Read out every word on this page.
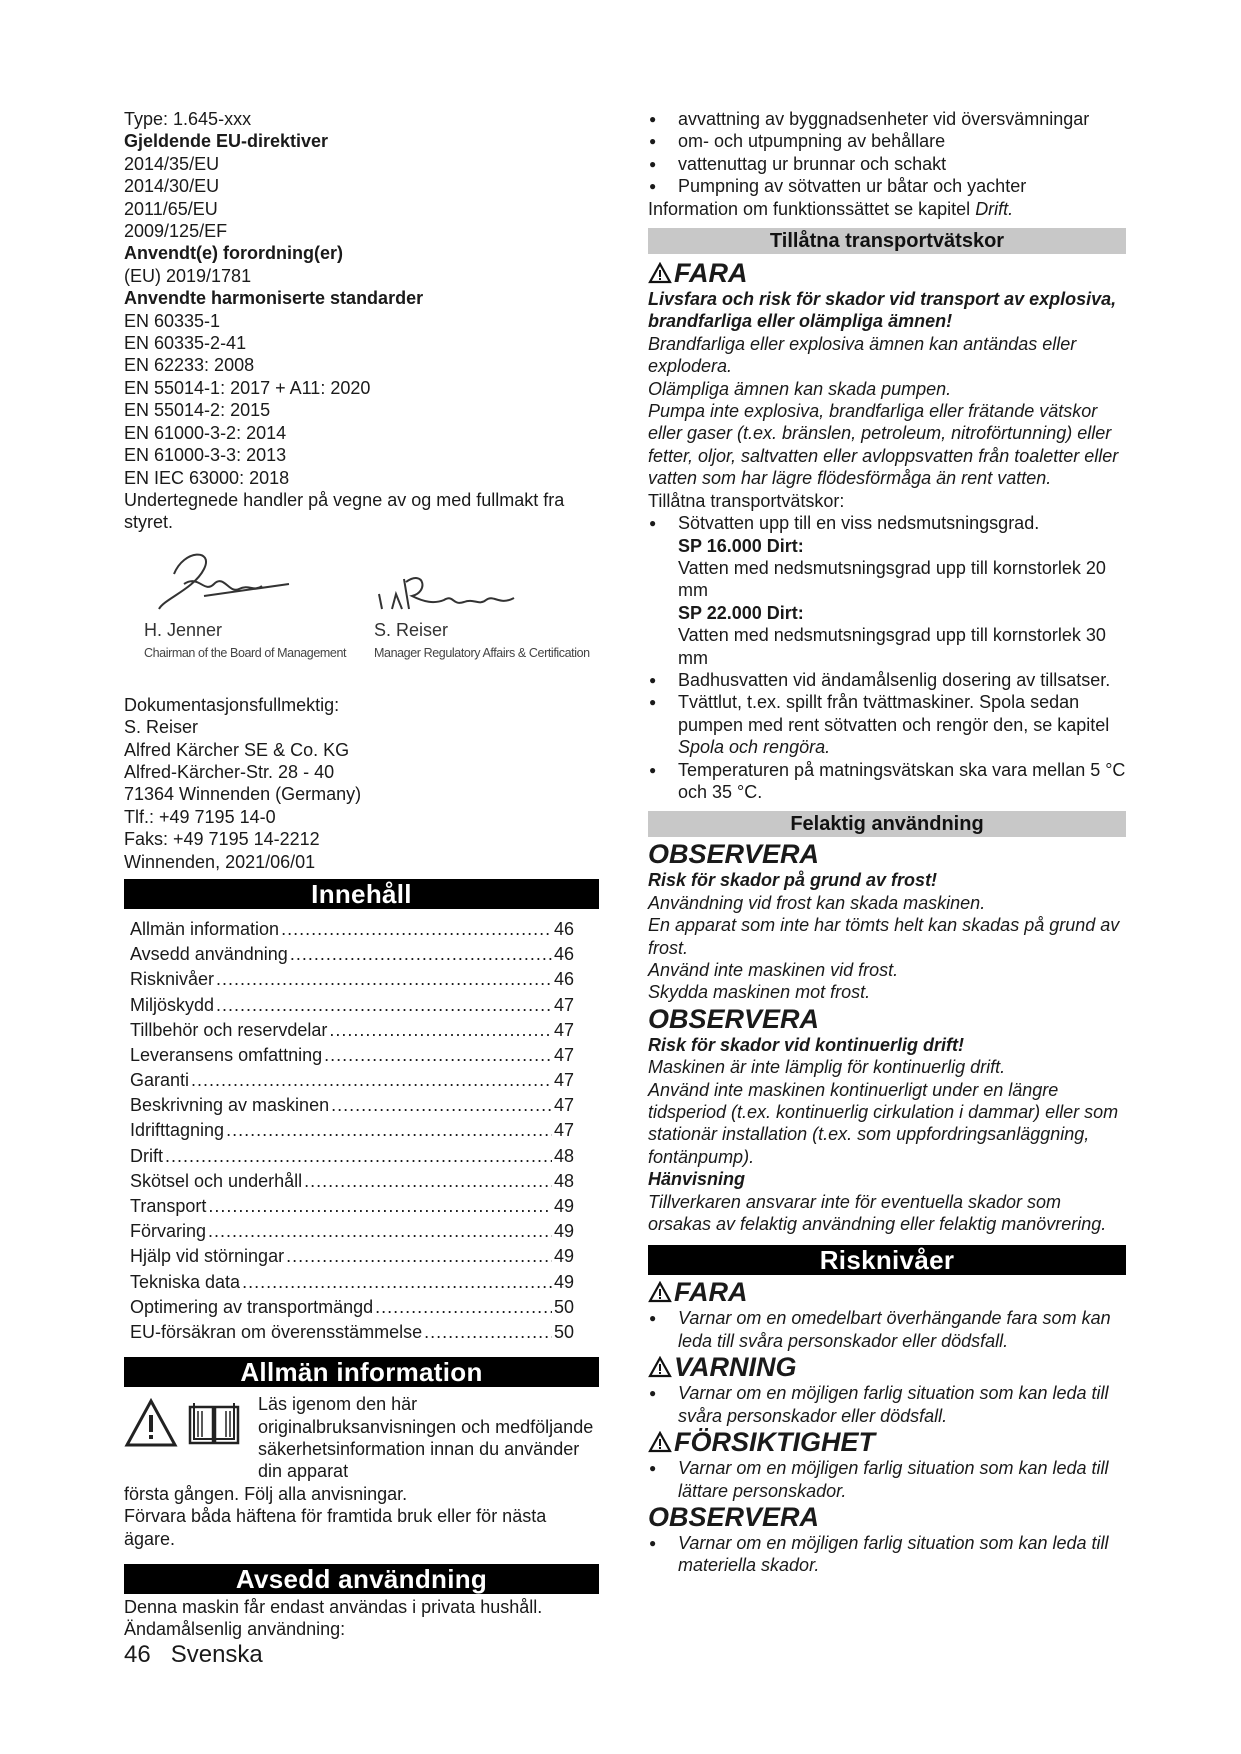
Type: 1.645-xxx

Gjeldende EU-direktiver

2014/35/EU

2014/30/EU

2011/65/EU

2009/125/EF

Anvendt(e) forordning(er)

(EU) 2019/1781

Anvendte harmoniserte standarder

EN 60335-1

EN 60335-2-41

EN 62233: 2008

EN 55014-1: 2017 + A11: 2020

EN 55014-2: 2015

EN 61000-3-2: 2014

EN 61000-3-3: 2013

EN IEC 63000: 2018

Undertegnede handler på vegne av og med fullmakt fra styret.

H. Jenner
Chairman of the Board of Management
S. Reiser
Manager Regulatory Affairs & Certification

Dokumentasjonsfullmektig:

S. Reiser

Alfred Kärcher SE & Co. KG

Alfred-Kärcher-Str. 28 - 40

71364 Winnenden (Germany)

Tlf.: +49 7195 14-0

Faks: +49 7195 14-2212

Winnenden, 2021/06/01

Innehåll
Allmän information .....	46
Avsedd användning .....	46
Risknivåer .....	46
Miljöskydd .....	47
Tillbehör och reservdelar .....	47
Leveransens omfattning .....	47
Garanti .....	47
Beskrivning av maskinen .....	47
Idrifttagning .....	47
Drift .....	48
Skötsel och underhåll .....	48
Transport .....	49
Förvaring .....	49
Hjälp vid störningar .....	49
Tekniska data .....	49
Optimering av transportmängd .....	50
EU-försäkran om överensstämmelse .....	50
Allmän information

Läs igenom den här originalbruksanvisningen och medföljande säkerhetsinformation innan du använder din apparat

första gången. Följ alla anvisningar.

Förvara båda häftena för framtida bruk eller för nästa ägare.

Avsedd användning

Denna maskin får endast användas i privata hushåll.

Ändamålsenlig användning:

● avvattning av byggnadsenheter vid översvämningar
● om- och utpumpning av behållare
● vattenuttag ur brunnar och schakt
● Pumpning av sötvatten ur båtar och yachter

Information om funktionssättet se kapitel Drift.

Tillåtna transportvätskor
FARA

Livsfara och risk för skador vid transport av explosiva, brandfarliga eller olämpliga ämnen!

Brandfarliga eller explosiva ämnen kan antändas eller explodera.

Olämpliga ämnen kan skada pumpen.

Pumpa inte explosiva, brandfarliga eller frätande vätskor eller gaser (t.ex. bränslen, petroleum, nitroförtunning) eller fetter, oljor, saltvatten eller avloppsvatten från toaletter eller vatten som har lägre flödesförmåga än rent vatten.

Tillåtna transportvätskor:

● Sötvatten upp till en viss nedsmutsningsgrad.
SP 16.000 Dirt:
Vatten med nedsmutsningsgrad upp till kornstorlek 20 mm
SP 22.000 Dirt:
Vatten med nedsmutsningsgrad upp till kornstorlek 30 mm
● Badhusvatten vid ändamålsenlig dosering av tillsatser.
● Tvättlut, t.ex. spillt från tvättmaskiner. Spola sedan pumpen med rent sötvatten och rengör den, se kapitel Spola och rengöra.
● Temperaturen på matningsvätskan ska vara mellan 5 °C och 35 °C.
Felaktig användning
OBSERVERA

Risk för skador på grund av frost!

Användning vid frost kan skada maskinen.

En apparat som inte har tömts helt kan skadas på grund av frost.

Använd inte maskinen vid frost.

Skydda maskinen mot frost.

OBSERVERA

Risk för skador vid kontinuerlig drift!

Maskinen är inte lämplig för kontinuerlig drift.

Använd inte maskinen kontinuerligt under en längre tidsperiod (t.ex. kontinuerlig cirkulation i dammar) eller som stationär installation (t.ex. som uppfordringsanläggning, fontänpump).

Hänvisning

Tillverkaren ansvarar inte för eventuella skador som orsakas av felaktig användning eller felaktig manövrering.

Risknivåer
FARA
● Varnar om en omedelbart överhängande fara som kan leda till svåra personskador eller dödsfall.
VARNING
● Varnar om en möjligen farlig situation som kan leda till svåra personskador eller dödsfall.
FÖRSIKTIGHET
● Varnar om en möjligen farlig situation som kan leda till lättare personskador.
OBSERVERA
● Varnar om en möjligen farlig situation som kan leda till materiella skador.
46 Svenska
